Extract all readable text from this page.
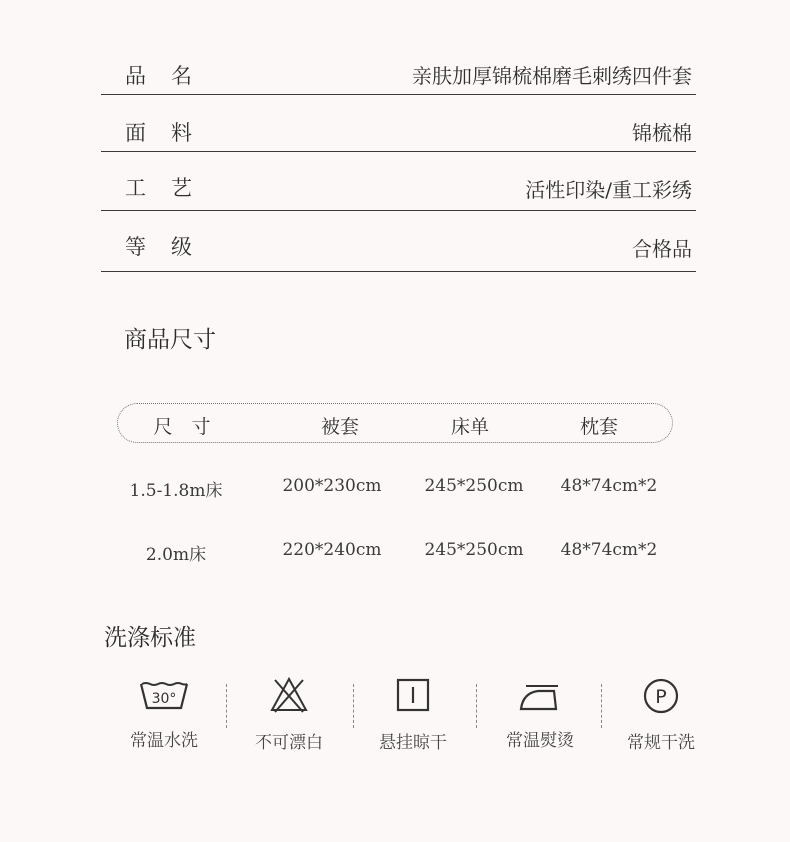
品　名	亲肤加厚锦梳棉磨毛刺绣四件套
面　料	锦梳棉
工　艺	活性印染/重工彩绣
等　级	合格品
商品尺寸
尺　寸	被套	床单	枕套
1.5-1.8m床	200*230cm	245*250cm 48*74cm*2
2.0m床	220*240cm	245*250cm 48*74cm*2
洗涤标准
30°
常温水洗	不可漂白	悬挂晾干	常温熨烫
P
常规干洗
